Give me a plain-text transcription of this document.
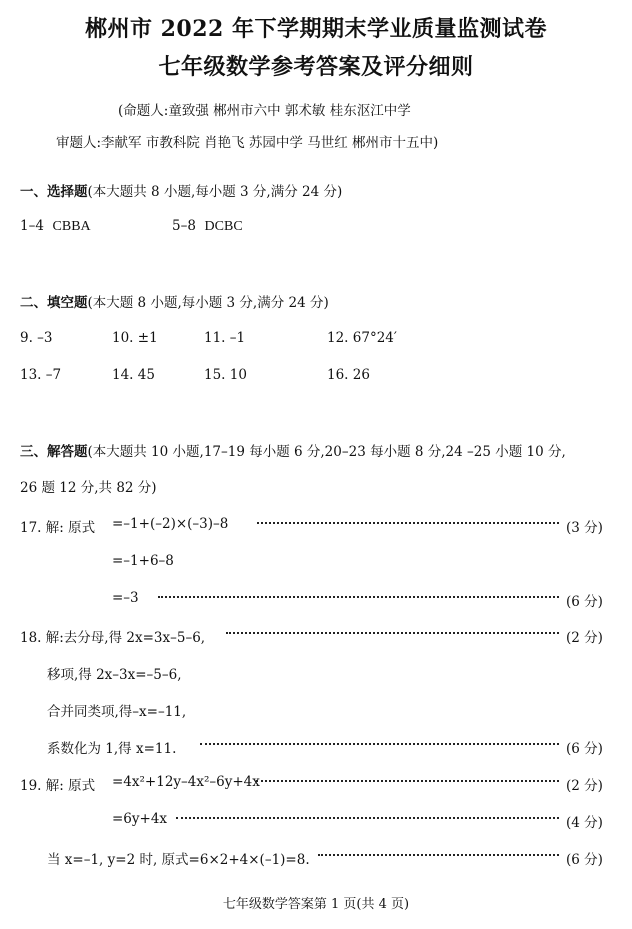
郴州市 2022 年下学期期末学业质量监测试卷
七年级数学参考答案及评分细则
(命题人:童致强 郴州市六中 郭术敏 桂东沤江中学
审题人:李献军 市教科院 肖艳飞 苏园中学 马世红 郴州市十五中)
一、选择题(本大题共 8 小题,每小题 3 分,满分 24 分)
1–4 CBBA	5–8 DCBC
二、填空题(本大题 8 小题,每小题 3 分,满分 24 分)
9. –3	10. ±1	11. –1	12. 67°24′
13. –7	14. 45	15. 10	16. 26
三、解答题(本大题共 10 小题,17–19 每小题 6 分,20–23 每小题 8 分,24 –25 小题 10 分,
26 题 12 分,共 82 分)
17. 解: 原式 =–1+(–2)×(–3)–8	(3 分)
=–1+6–8
=–3	(6 分)
18. 解:去分母,得 2x=3x–5–6,	(2 分)
移项,得 2x–3x=–5–6,
合并同类项,得–x=–11,
系数化为 1,得 x=11.	(6 分)
19. 解: 原式 =4x²+12y–4x²–6y+4x	(2 分)
=6y+4x	(4 分)
当 x=–1, y=2 时, 原式=6×2+4×(–1)=8.	(6 分)
七年级数学答案第 1 页(共 4 页)
